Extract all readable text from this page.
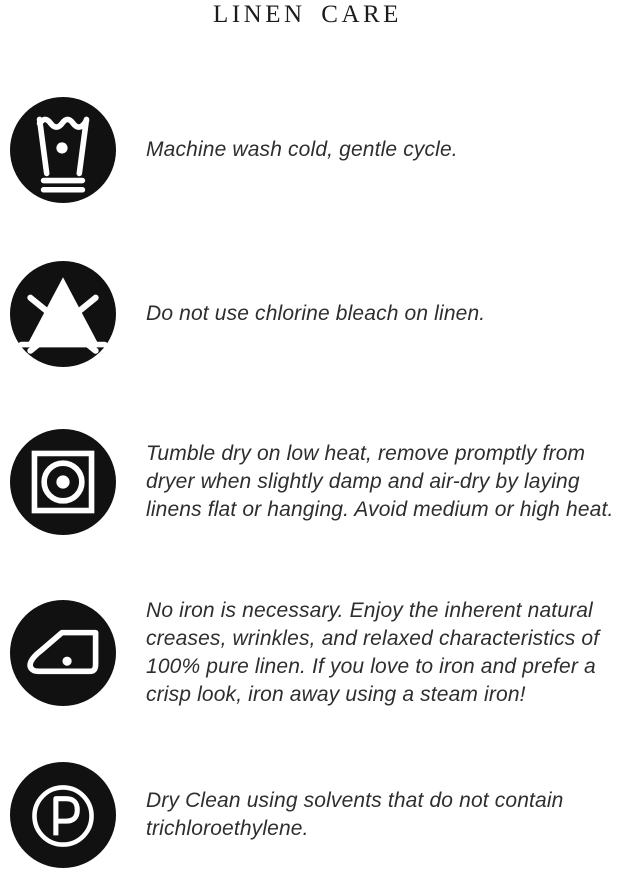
LINEN CARE
Machine wash cold, gentle cycle.
Do not use chlorine bleach on linen.
Tumble dry on low heat, remove promptly from dryer when slightly damp and air-dry by laying linens flat or hanging. Avoid medium or high heat.
No iron is necessary. Enjoy the inherent natural creases, wrinkles, and relaxed characteristics of 100% pure linen. If you love to iron and prefer a crisp look, iron away using a steam iron!
Dry Clean using solvents that do not contain trichloroethylene.
